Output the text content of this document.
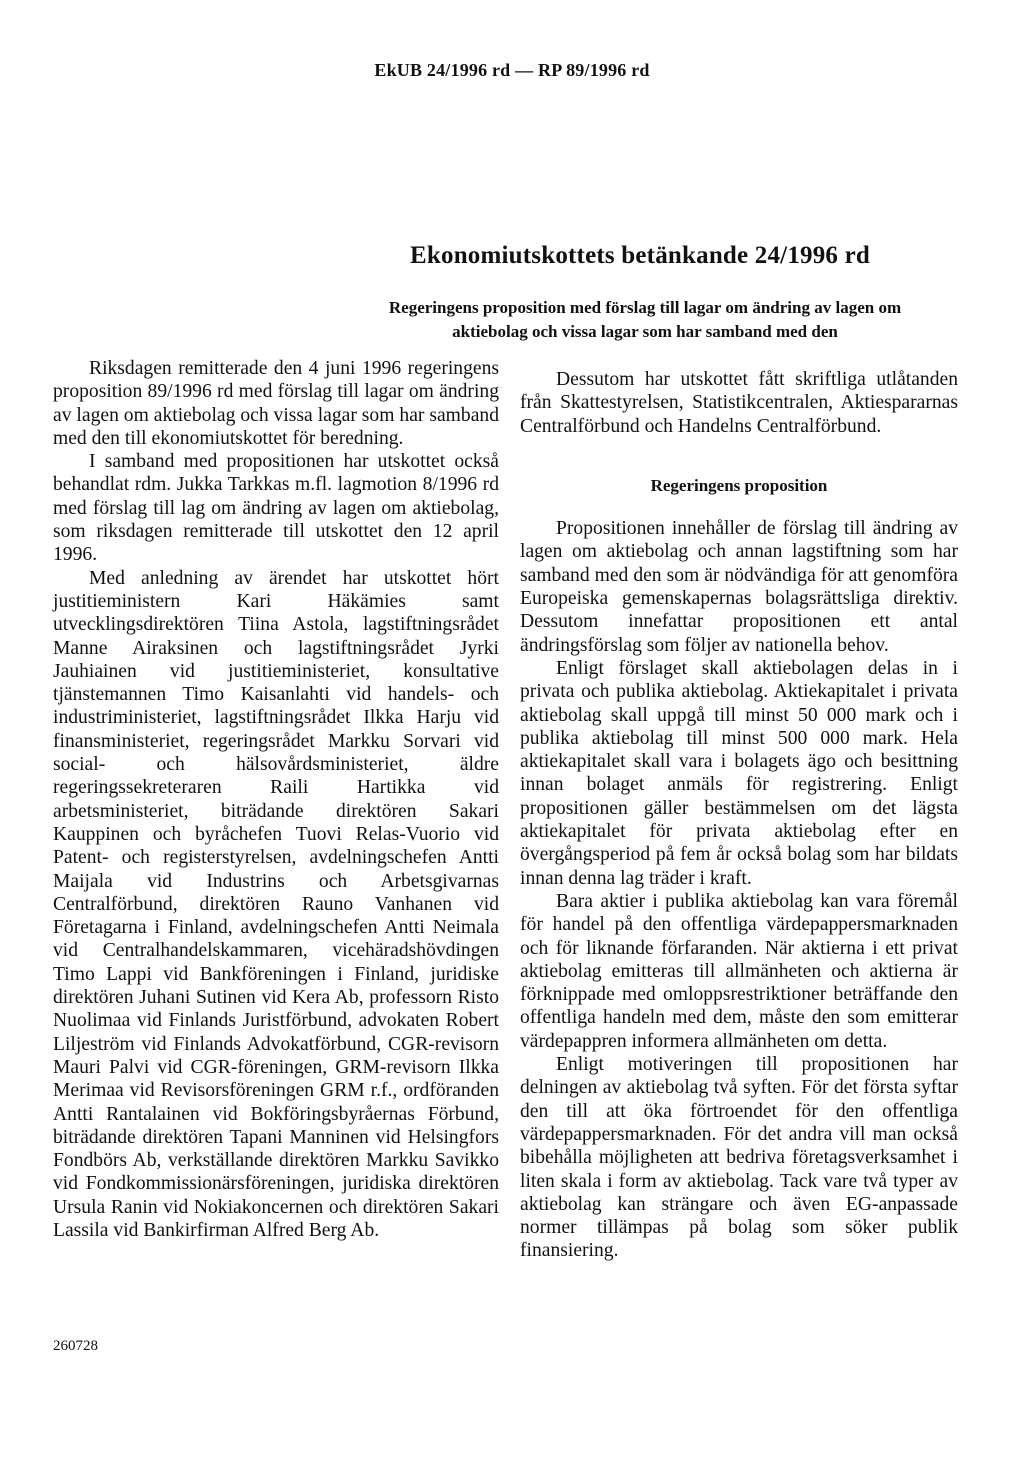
EkUB 24/1996 rd — RP 89/1996 rd
Ekonomiutskottets betänkande 24/1996 rd
Regeringens proposition med förslag till lagar om ändring av lagen om aktiebolag och vissa lagar som har samband med den

Riksdagen remitterade den 4 juni 1996 regeringens proposition 89/1996 rd med förslag till lagar om ändring av lagen om aktiebolag och vissa lagar som har samband med den till ekonomiutskottet för beredning.

I samband med propositionen har utskottet också behandlat rdm. Jukka Tarkkas m.fl. lagmotion 8/1996 rd med förslag till lag om ändring av lagen om aktiebolag, som riksdagen remitterade till utskottet den 12 april 1996.

Med anledning av ärendet har utskottet hört justitieministern Kari Häkämies samt utvecklingsdirektören Tiina Astola, lagstiftningsrådet Manne Airaksinen och lagstiftningsrådet Jyrki Jauhiainen vid justitieministeriet, konsultative tjänstemannen Timo Kaisanlahti vid handels- och industriministeriet, lagstiftningsrådet Ilkka Harju vid finansministeriet, regeringsrådet Markku Sorvari vid social- och hälsovårdsministeriet, äldre regeringssekreteraren Raili Hartikka vid arbetsministeriet, biträdande direktören Sakari Kauppinen och byråchefen Tuovi Relas-Vuorio vid Patent- och registerstyrelsen, avdelningschefen Antti Maijala vid Industrins och Arbetsgivarnas Centralförbund, direktören Rauno Vanhanen vid Företagarna i Finland, avdelningschefen Antti Neimala vid Centralhandelskammaren, vicehäradshövdingen Timo Lappi vid Bankföreningen i Finland, juridiske direktören Juhani Sutinen vid Kera Ab, professorn Risto Nuolimaa vid Finlands Juristförbund, advokaten Robert Liljeström vid Finlands Advokatförbund, CGR-revisorn Mauri Palvi vid CGR-föreningen, GRM-revisorn Ilkka Merimaa vid Revisorsföreningen GRM r.f., ordföranden Antti Rantalainen vid Bokföringsbyråernas Förbund, biträdande direktören Tapani Manninen vid Helsingfors Fondbörs Ab, verkställande direktören Markku Savikko vid Fondkommissionärsföreningen, juridiska direktören Ursula Ranin vid Nokiakoncernen och direktören Sakari Lassila vid Bankirfirman Alfred Berg Ab.

Dessutom har utskottet fått skriftliga utlåtanden från Skattestyrelsen, Statistikcentralen, Aktiespararnas Centralförbund och Handelns Centralförbund.

Regeringens proposition

Propositionen innehåller de förslag till ändring av lagen om aktiebolag och annan lagstiftning som har samband med den som är nödvändiga för att genomföra Europeiska gemenskapernas bolagsrättsliga direktiv. Dessutom innefattar propositionen ett antal ändringsförslag som följer av nationella behov.

Enligt förslaget skall aktiebolagen delas in i privata och publika aktiebolag. Aktiekapitalet i privata aktiebolag skall uppgå till minst 50 000 mark och i publika aktiebolag till minst 500 000 mark. Hela aktiekapitalet skall vara i bolagets ägo och besittning innan bolaget anmäls för registrering. Enligt propositionen gäller bestämmelsen om det lägsta aktiekapitalet för privata aktiebolag efter en övergångsperiod på fem år också bolag som har bildats innan denna lag träder i kraft.

Bara aktier i publika aktiebolag kan vara föremål för handel på den offentliga värdepappersmarknaden och för liknande förfaranden. När aktierna i ett privat aktiebolag emitteras till allmänheten och aktierna är förknippade med omloppsrestriktioner beträffande den offentliga handeln med dem, måste den som emitterar värdepappren informera allmänheten om detta.

Enligt motiveringen till propositionen har delningen av aktiebolag två syften. För det första syftar den till att öka förtroendet för den offentliga värdepappersmarknaden. För det andra vill man också bibehålla möjligheten att bedriva företagsverksamhet i liten skala i form av aktiebolag. Tack vare två typer av aktiebolag kan strängare och även EG-anpassade normer tillämpas på bolag som söker publik finansiering.

260728
